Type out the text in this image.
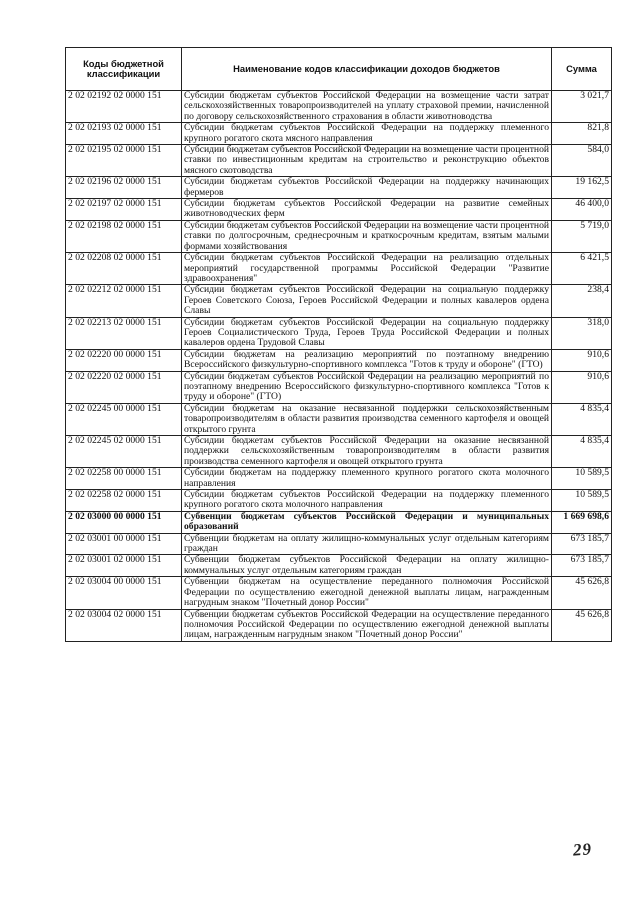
Коды бюджетной классификации	Наименование кодов классификации доходов бюджетов	Сумма
2 02 02192 02 0000 151	Субсидии бюджетам субъектов Российской Федерации на возмещение части затрат сельскохозяйственных товаропроизводителей на уплату страховой премии, начисленной по договору сельскохозяйственного страхования в области животноводства	3 021,7
2 02 02193 02 0000 151	Субсидии бюджетам субъектов Российской Федерации на поддержку племенного крупного рогатого скота мясного направления	821,8
2 02 02195 02 0000 151	Субсидии бюджетам субъектов Российской Федерации на возмещение части процентной ставки по инвестиционным кредитам на строительство и реконструкцию объектов мясного скотоводства	584,0
2 02 02196 02 0000 151	Субсидии бюджетам субъектов Российской Федерации на поддержку начинающих фермеров	19 162,5
2 02 02197 02 0000 151	Субсидии бюджетам субъектов Российской Федерации на развитие семейных животноводческих ферм	46 400,0
2 02 02198 02 0000 151	Субсидии бюджетам субъектов Российской Федерации на возмещение части процентной ставки по долгосрочным, среднесрочным и краткосрочным кредитам, взятым малыми формами хозяйствования	5 719,0
2 02 02208 02 0000 151	Субсидии бюджетам субъектов Российской Федерации на реализацию отдельных мероприятий государственной программы Российской Федерации "Развитие здравоохранения"	6 421,5
2 02 02212 02 0000 151	Субсидии бюджетам субъектов Российской Федерации на социальную поддержку Героев Советского Союза, Героев Российской Федерации и полных кавалеров ордена Славы	238,4
2 02 02213 02 0000 151	Субсидии бюджетам субъектов Российской Федерации на социальную поддержку Героев Социалистического Труда, Героев Труда Российской Федерации и полных кавалеров ордена Трудовой Славы	318,0
2 02 02220 00 0000 151	Субсидии бюджетам на реализацию мероприятий по поэтапному внедрению Всероссийского физкультурно-спортивного комплекса "Готов к труду и обороне" (ГТО)	910,6
2 02 02220 02 0000 151	Субсидии бюджетам субъектов Российской Федерации на реализацию мероприятий по поэтапному внедрению Всероссийского физкультурно-спортивного комплекса "Готов к труду и обороне" (ГТО)	910,6
2 02 02245 00 0000 151	Субсидии бюджетам на оказание несвязанной поддержки сельскохозяйственным товаропроизводителям в области развития производства семенного картофеля и овощей открытого грунта	4 835,4
2 02 02245 02 0000 151	Субсидии бюджетам субъектов Российской Федерации на оказание несвязанной поддержки сельскохозяйственным товаропроизводителям в области развития производства семенного картофеля и овощей открытого грунта	4 835,4
2 02 02258 00 0000 151	Субсидии бюджетам на поддержку племенного крупного рогатого скота молочного направления	10 589,5
2 02 02258 02 0000 151	Субсидии бюджетам субъектов Российской Федерации на поддержку племенного крупного рогатого скота молочного направления	10 589,5
2 02 03000 00 0000 151	Субвенции бюджетам субъектов Российской Федерации и муниципальных образований	1 669 698,6
2 02 03001 00 0000 151	Субвенции бюджетам на оплату жилищно-коммунальных услуг отдельным категориям граждан	673 185,7
2 02 03001 02 0000 151	Субвенции бюджетам субъектов Российской Федерации на оплату жилищно-коммунальных услуг отдельным категориям граждан	673 185,7
2 02 03004 00 0000 151	Субвенции бюджетам на осуществление переданного полномочия Российской Федерации по осуществлению ежегодной денежной выплаты лицам, награжденным нагрудным знаком "Почетный донор России"	45 626,8
2 02 03004 02 0000 151	Субвенции бюджетам субъектов Российской Федерации на осуществление переданного полномочия Российской Федерации по осуществлению ежегодной денежной выплаты лицам, награжденным нагрудным знаком "Почетный донор России"	45 626,8
29
